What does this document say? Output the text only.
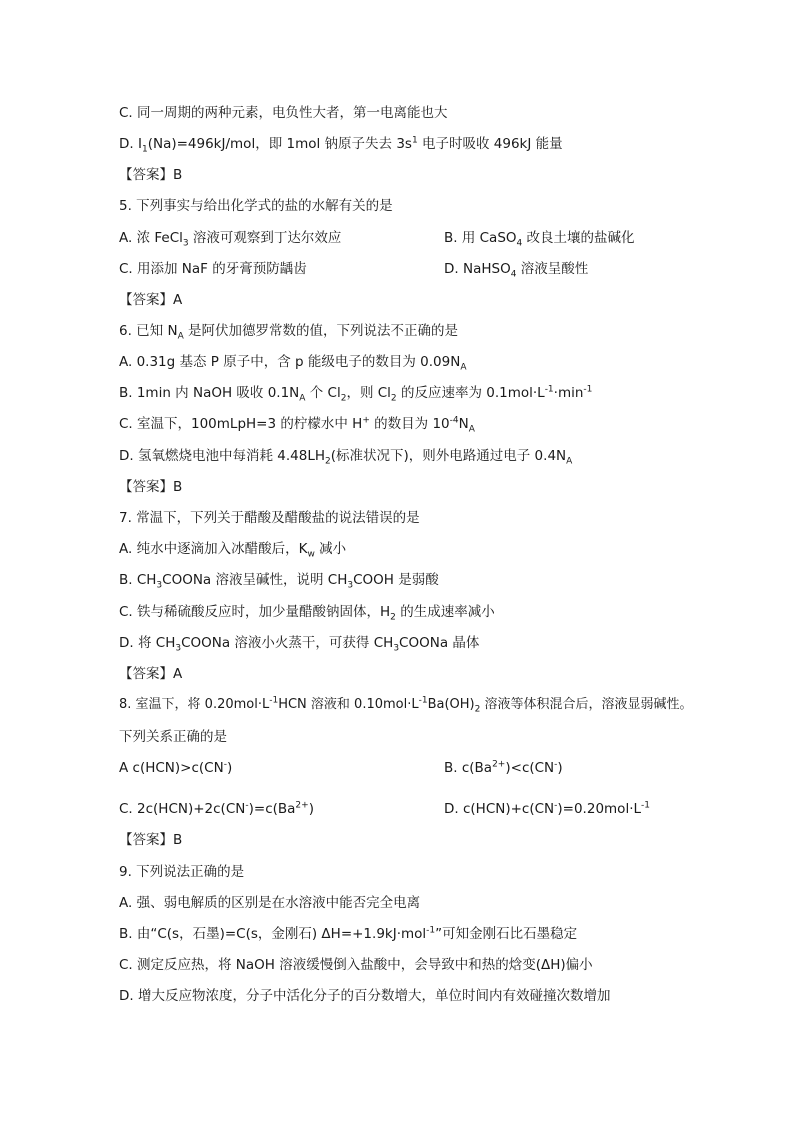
C. 同一周期的两种元素，电负性大者，第一电离能也大
D. $I_1(Na)=496kJ$/mol，即 1mol 钠原子失去 $3s^1$ 电子时吸收 496kJ 能量
【答案】B
5. 下列事实与给出化学式的盐的水解有关的是
A. 浓 FeCl$_3$ 溶液可观察到丁达尔效应	B. 用 CaSO$_4$ 改良土壤的盐碱化
C. 用添加 NaF 的牙膏预防龋齿	D. NaHSO$_4$ 溶液呈酸性
【答案】A
6. 已知 $N_A$ 是阿伏加德罗常数的值，下列说法不正确的是
A. 0.31g 基态 P 原子中，含 p 能级电子的数目为 $0.09N_A$
B. 1min 内 NaOH 吸收 $0.1N_A$ 个 $Cl_2$，则 $Cl_2$ 的反应速率为 $0.1mol\cdot L^{-1}\cdot\min^{-1}$
C. 室温下，100mLpH=3 的柠檬水中 H+ 的数目为 $10^{-4}N_A$
D. 氢氧燃烧电池中每消耗 $4.48LH_2$(标准状况下)，则外电路通过电子 $0.4N_A$
【答案】B
7. 常温下，下列关于醋酸及醋酸盐的说法错误的是
A. 纯水中逐滴加入冰醋酸后，$K_w$ 减小
B. $CH_3COONa$ 溶液呈碱性，说明 $CH_3COOH$ 是弱酸
C. 铁与稀硫酸反应时，加少量醋酸钠固体，$H_2$ 的生成速率减小
D. 将 $CH_3COONa$ 溶液小火蒸干，可获得 $CH_3COONa$ 晶体
【答案】A
8. 室温下，将 $0.20mol\cdot L^{-1}HCN$ 溶液和 $0.10mol\cdot L^{-1}Ba(OH)_2$ 溶液等体积混合后，溶液显弱碱性。
下列关系正确的是
A c(HCN)>c(CN-)	B. $c(Ba^{2+})<c(CN^-)$
C. $2c(HCN)+2c(CN^-)=c(Ba^{2+})$	D. $c(HCN)+c(CN^-)=0.20mol\cdot L^{-1}$
【答案】B
9. 下列说法正确的是
A. 强、弱电解质的区别是在水溶液中能否完全电离
B. 由“C(s，石墨)=C(s，金刚石) ΔH=+1.9kJ·mol$^{-1}$”可知金刚石比石墨稳定
C. 测定反应热，将 NaOH 溶液缓慢倒入盐酸中，会导致中和热的焓变(ΔH)偏小
D. 增大反应物浓度，分子中活化分子的百分数增大，单位时间内有效碰撞次数增加
